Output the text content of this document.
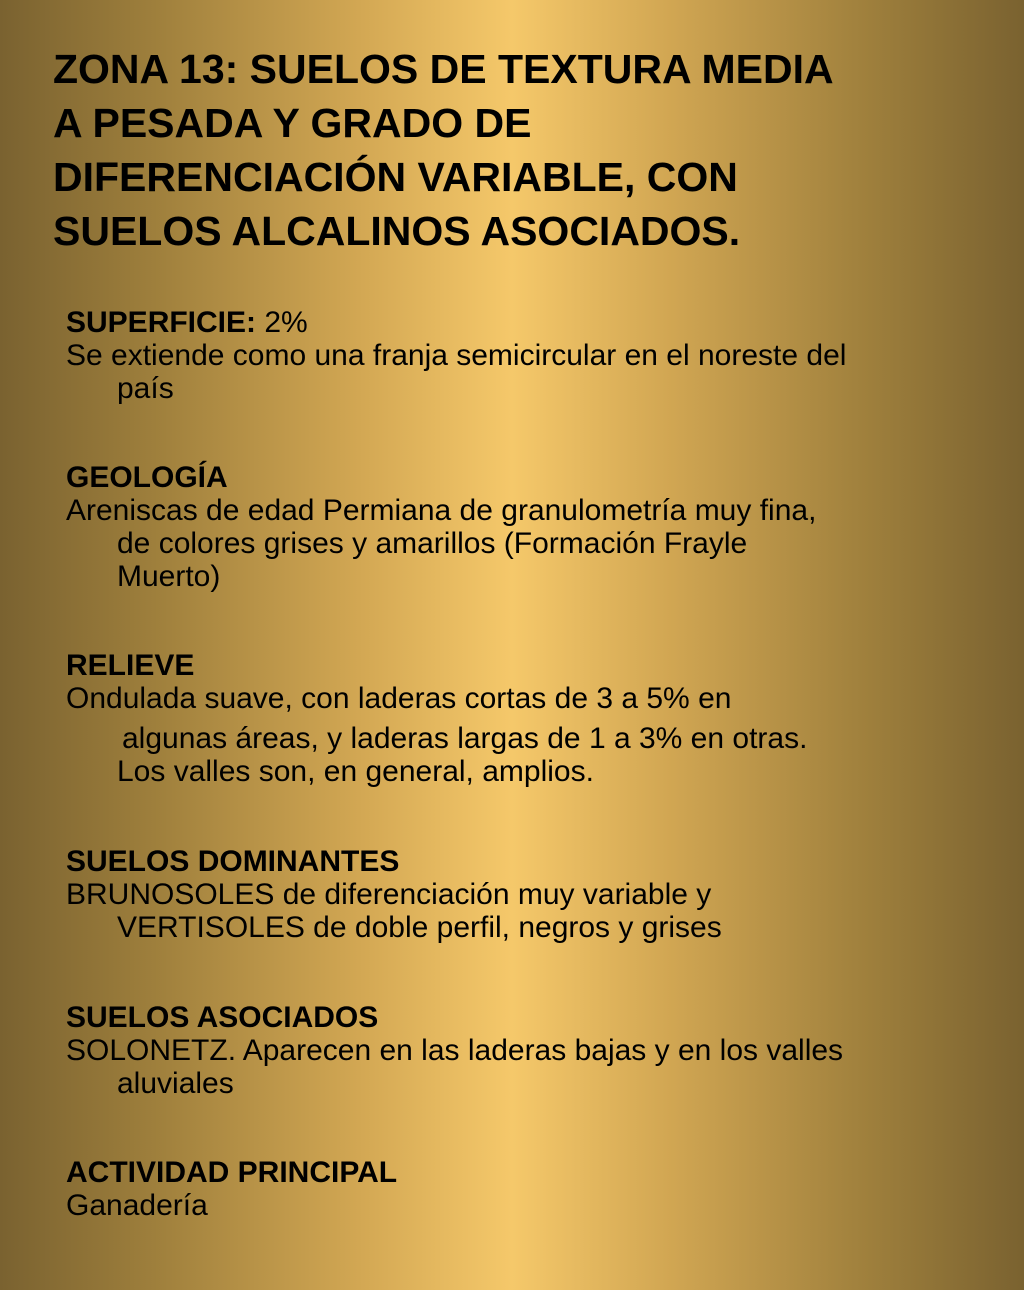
ZONA 13: SUELOS DE TEXTURA MEDIA
A PESADA Y GRADO DE
DIFERENCIACIÓN VARIABLE, CON
SUELOS ALCALINOS ASOCIADOS.
SUPERFICIE: 2%
Se extiende como una franja semicircular en el noreste del
país
GEOLOGÍA
Areniscas de edad Permiana de granulometría muy fina,
de colores grises y amarillos (Formación Frayle
Muerto)
RELIEVE
Ondulada suave, con laderas cortas de 3 a 5% en
algunas áreas, y laderas largas de 1 a 3% en otras.
Los valles son, en general, amplios.
SUELOS DOMINANTES
BRUNOSOLES de diferenciación muy variable y
VERTISOLES de doble perfil, negros y grises
SUELOS ASOCIADOS
SOLONETZ. Aparecen en las laderas bajas y en los valles
aluviales
ACTIVIDAD PRINCIPAL
Ganadería
